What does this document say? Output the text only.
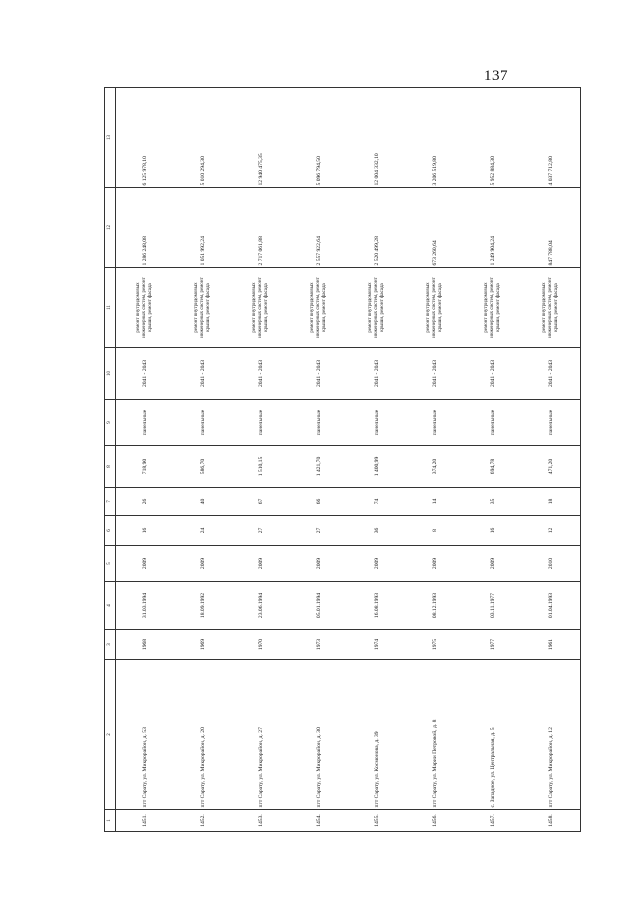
137
1	2	3	4	5	6	7	8	9	10	11	12	13
1451.	пгт Сарату, ул. Микрорайон, д. 53	1968	31.03.1994	2009	16	26	718,90	панельные	2041 - 2043	ремонт внутридомовых инженерных систем, ремонт крыши, ремонт фасада	1 286 248,08	6 125 978,10
1452.	пгт Сарату, ул. Микрорайон, д. 20	1969	18.09.1992	2009	24	40	586,70	панельные	2041 - 2043	ремонт внутридомовых инженерных систем, ремонт крыши, ремонт фасада	1 051 992,24	5 010 294,30
1453.	пгт Сарату, ул. Микрорайон, д. 27	1970	23.06.1994	2009	27	67	1 510,15	панельные	2041 - 2043	ремонт внутридомовых инженерных систем, ремонт крыши, ремонт фасада	2 717 061,88	12 940 475,35
1454.	пгт Сарату, ул. Микрорайон, д. 30	1973	05.01.1994	2009	27	66	1 421,70	панельные	2041 - 2043	ремонт внутридомовых инженерных систем, ремонт крыши, ремонт фасада	2 557 922,64	5 096 794,50
1455.	пгт Сарату, ул. Космонова, д. 39	1974	16.08.1993	2009	36	74	1 400,99	панельные	2041 - 2043	ремонт внутридомовых инженерных систем, ремонт крыши, ремонт фасада	2 520 499,28	12 004 332,10
1456.	пгт Сарату, ул. Марии Петровой, д. 8	1975	08.12.1993	2009	8	14	374,20	панельные	2041 - 2043	ремонт внутридомовых инженерных систем, ремонт крыши, ремонт фасада	673 260,64	3 206 519,80
1457.	с. Западное, ул. Центральная, д. 5	1977	03.11.1977	2009	16	35	694,78	панельные	2041 - 2043	ремонт внутридомовых инженерных систем, ремонт крыши, ремонт фасада	1 249 904,24	5 952 884,30
1458.	пгт Сарату, ул. Микрорайон, д. 12	1961	01.04.1993	2010	12	18	471,20	панельные	2041 - 2043	ремонт внутридомовых инженерных систем, ремонт крыши, ремонт фасада	847 788,04	4 037 712,80
